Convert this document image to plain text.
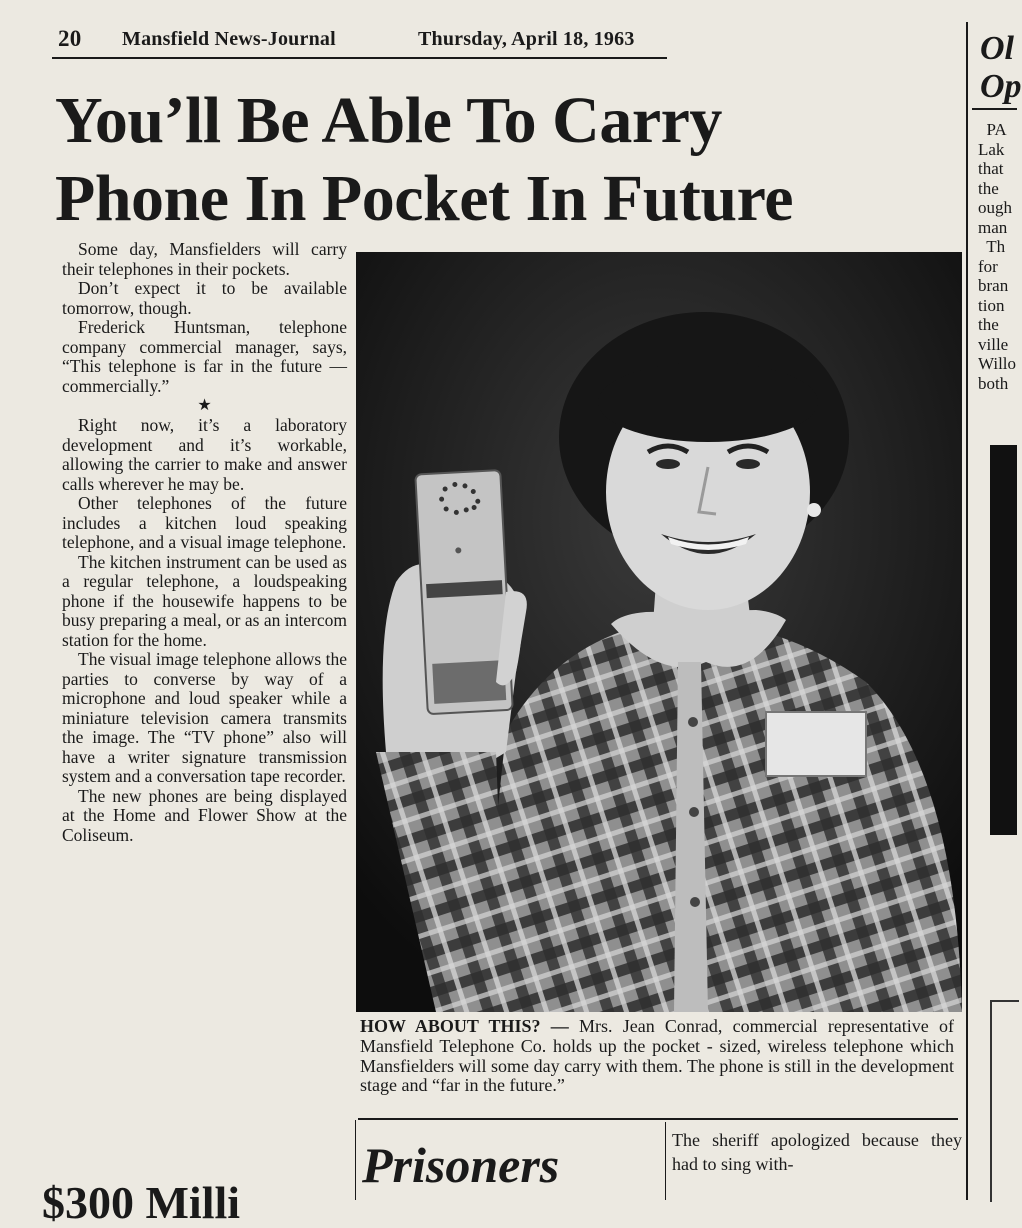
20 Mansfield News-Journal	Thursday, April 18, 1963
You’ll Be Able To Carry
Phone In Pocket In Future

Some day, Mansfielders will carry their telephones in their pockets.

Don’t expect it to be available tomorrow, though.

Frederick Huntsman, telephone company commercial manager, says, “This telephone is far in the future — commercially.”

★

Right now, it’s a laboratory development and it’s workable, allowing the carrier to make and answer calls wherever he may be.

Other telephones of the future includes a kitchen loud speaking telephone, and a visual image telephone.

The kitchen instrument can be used as a regular telephone, a loudspeaking phone if the housewife happens to be busy preparing a meal, or as an intercom station for the home.

The visual image telephone allows the parties to converse by way of a microphone and loud speaker while a miniature television camera transmits the image. The “TV phone” also will have a writer signature transmission system and a conversation tape recorder.

The new phones are being displayed at the Home and Flower Show at the Coliseum.

HOW ABOUT THIS? — Mrs. Jean Conrad, commercial representative of Mansfield Telephone Co. holds up the pocket - sized, wireless telephone which Mansfielders will some day carry with them. The phone is still in the development stage and “far in the future.”
Ol
Op
PA
Lak
that
the
ough
man
Th
for
bran
tion
the
ville
Willo
both
Prisoners	The sheriff apologized because they had to sing with-
$300 Milli
